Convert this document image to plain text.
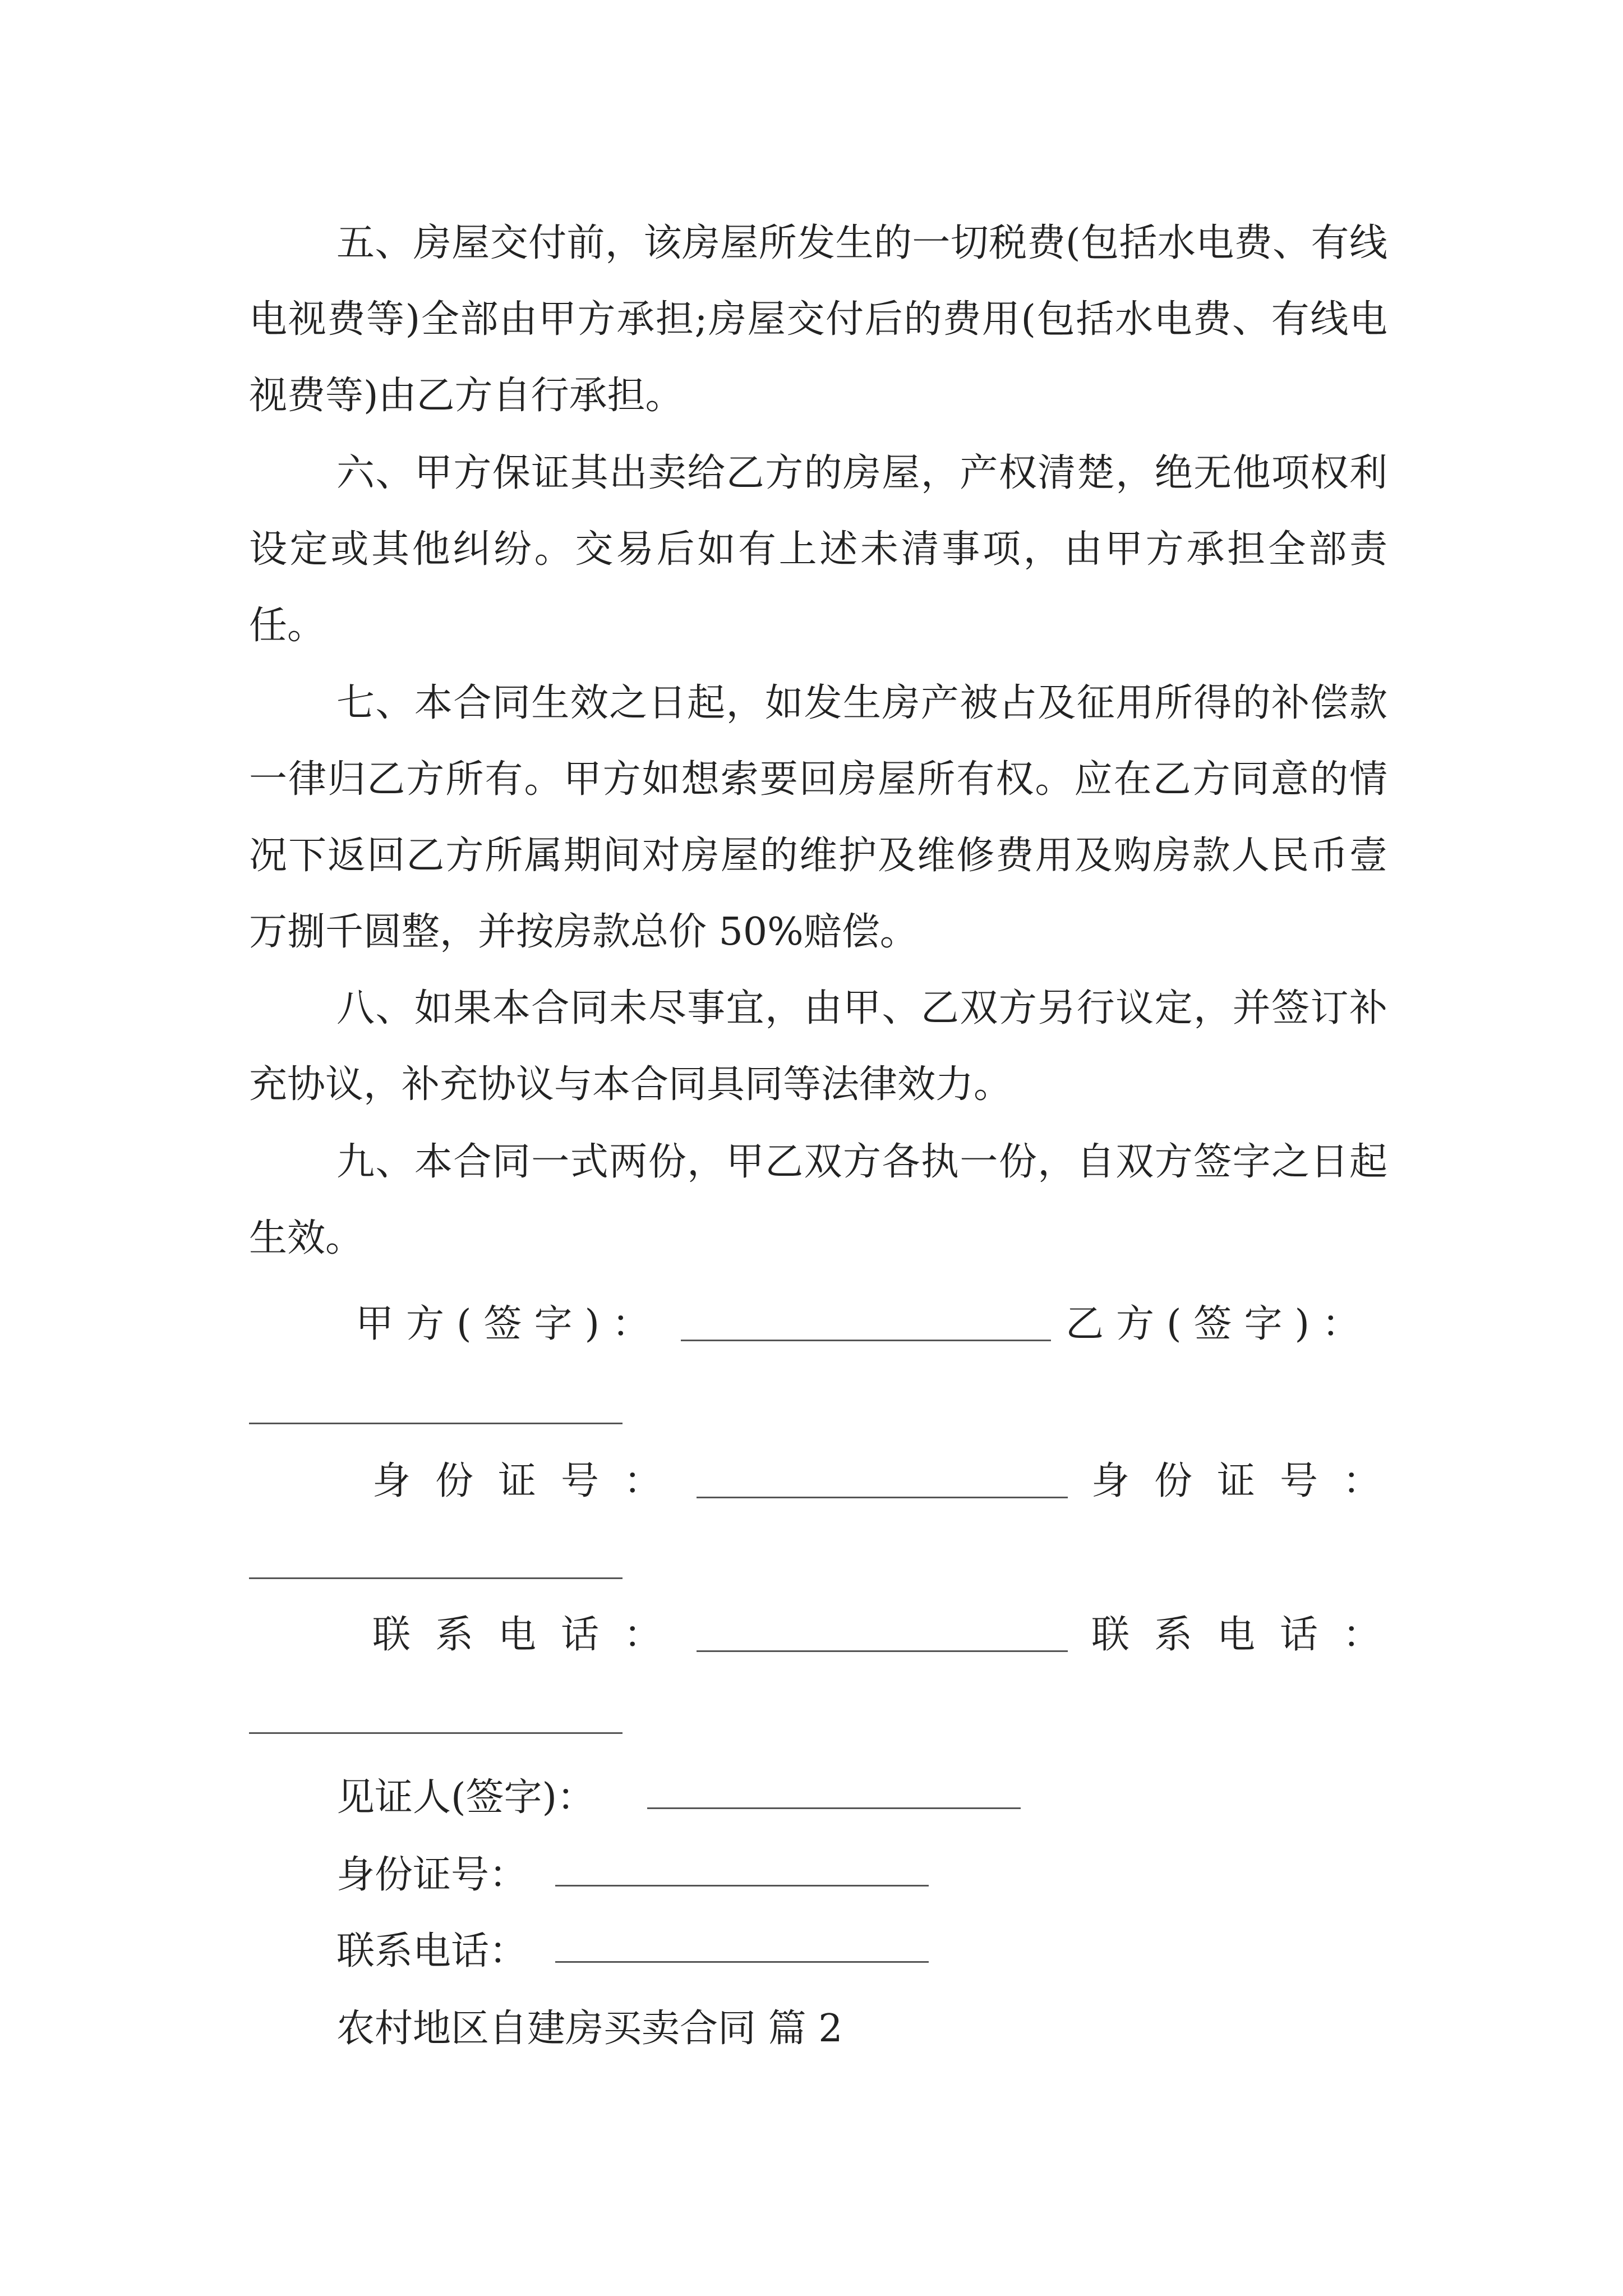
五、房屋交付前，该房屋所发生的一切税费(包括水电费、有线电视费等)全部由甲方承担;房屋交付后的费用(包括水电费、有线电视费等)由乙方自行承担。

六、甲方保证其出卖给乙方的房屋，产权清楚，绝无他项权利设定或其他纠纷。交易后如有上述未清事项，由甲方承担全部责任。

七、本合同生效之日起，如发生房产被占及征用所得的补偿款一律归乙方所有。甲方如想索要回房屋所有权。应在乙方同意的情况下返回乙方所属期间对房屋的维护及维修费用及购房款人民币壹万捌千圆整，并按房款总价 50%赔偿。

八、如果本合同未尽事宜，由甲、乙双方另行议定，并签订补充协议，补充协议与本合同具同等法律效力。

九、本合同一式两份，甲乙双方各执一份，自双方签字之日起生效。

甲方(签字)：	乙方(签字)：
身份证号：	身份证号：
联系电话：	联系电话：
见证人(签字)：
身份证号：
联系电话：
农村地区自建房买卖合同 篇 2
